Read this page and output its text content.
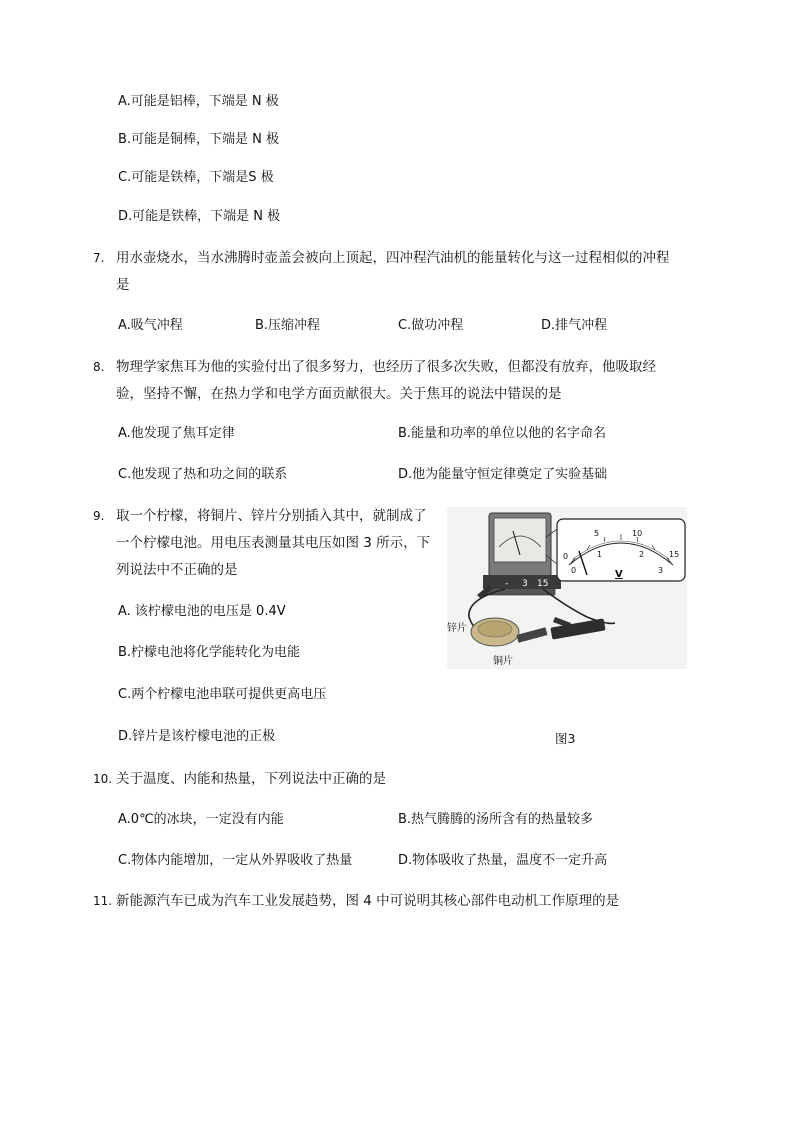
A.可能是铝棒，下端是 N 极
B.可能是铜棒，下端是 N 极
C.可能是铁棒，下端是S 极
D.可能是铁棒，下端是 N 极
7. 用水壶烧水，当水沸腾时壶盖会被向上顶起，四冲程汽油机的能量转化与这一过程相似的冲程
是
A.吸气冲程	B.压缩冲程	C.做功冲程	D.排气冲程
8. 物理学家焦耳为他的实验付出了很多努力，也经历了很多次失败，但都没有放弃，他吸取经
验，坚持不懈，在热力学和电学方面贡献很大。关于焦耳的说法中错误的是
A.他发现了焦耳定律	B.能量和功率的单位以他的名字命名
C.他发现了热和功之间的联系	D.他为能量守恒定律奠定了实验基础
9. 取一个柠檬，将铜片、锌片分别插入其中，就制成了
一个柠檬电池。用电压表测量其电压如图 3 所示，下
列说法中不正确的是
A. 该柠檬电池的电压是 0.4V
B.柠檬电池将化学能转化为电能
C.两个柠檬电池串联可提供更高电压
D.锌片是该柠檬电池的正极
- 3 15
0
5	10
15
0
1	2
3
V
锌片
铜片
图3
10. 关于温度、内能和热量，下列说法中正确的是
A.0℃的冰块，一定没有内能	B.热气腾腾的汤所含有的热量较多
C.物体内能增加，一定从外界吸收了热量	D.物体吸收了热量，温度不一定升高
11. 新能源汽车已成为汽车工业发展趋势，图 4 中可说明其核心部件电动机工作原理的是
